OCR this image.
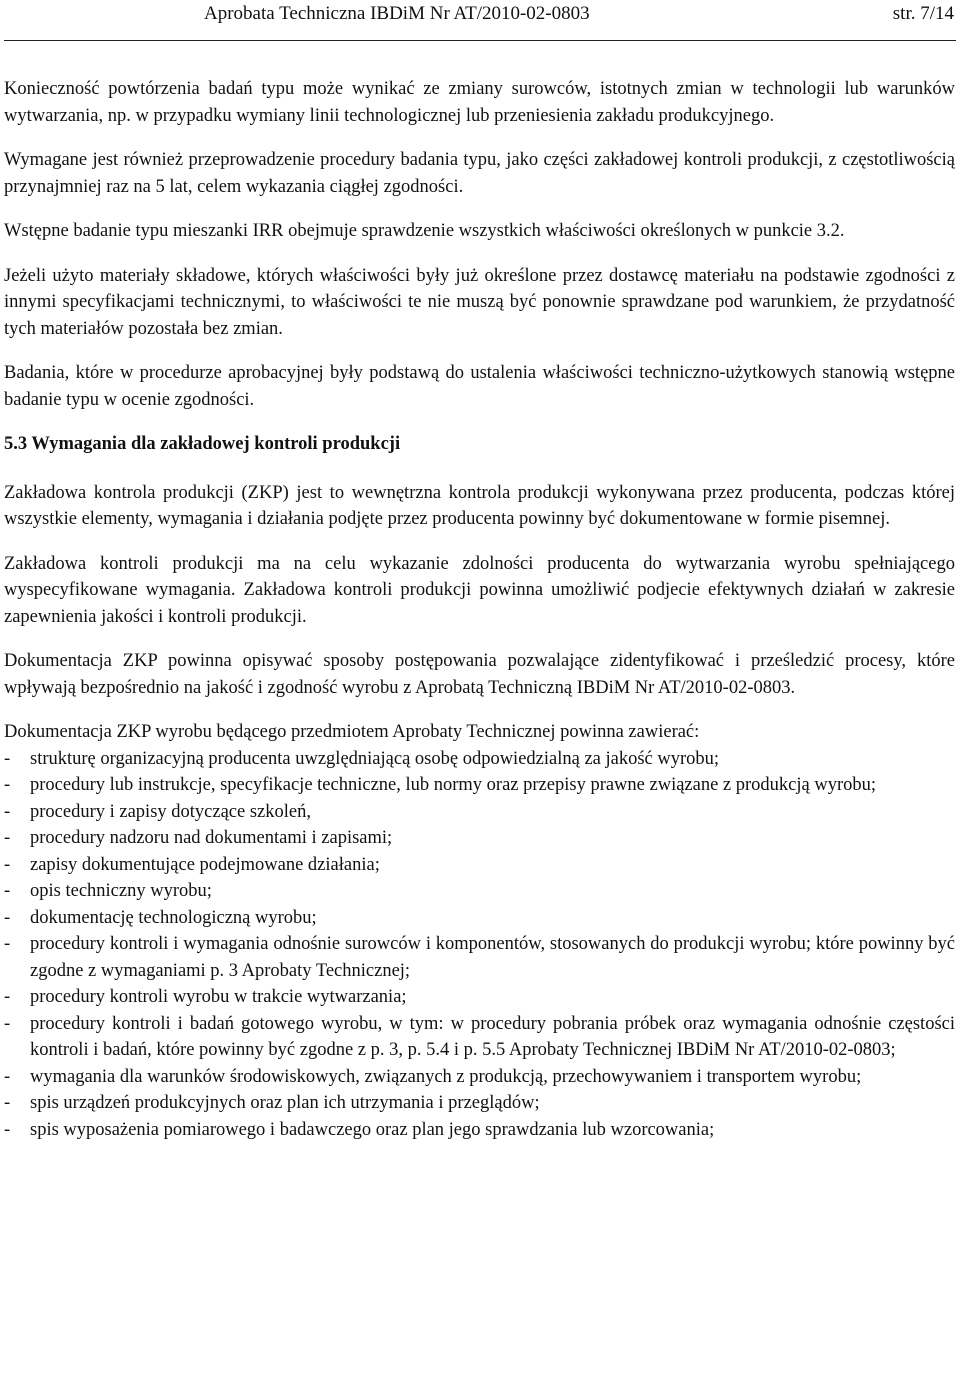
Aprobata Techniczna IBDiM Nr AT/2010-02-0803	str. 7/14

Konieczność powtórzenia badań typu może wynikać ze zmiany surowców, istotnych zmian w technologii lub warunków wytwarzania, np. w przypadku wymiany linii technologicznej lub przeniesienia zakładu produkcyjnego.

Wymagane jest również przeprowadzenie procedury badania typu, jako części zakładowej kontroli produkcji, z częstotliwością przynajmniej raz na 5 lat, celem wykazania ciągłej zgodności.

Wstępne badanie typu mieszanki IRR obejmuje sprawdzenie wszystkich właściwości określonych w punkcie 3.2.

Jeżeli użyto materiały składowe, których właściwości były już określone przez dostawcę materiału na podstawie zgodności z innymi specyfikacjami technicznymi, to właściwości te nie muszą być ponownie sprawdzane pod warunkiem, że przydatność tych materiałów pozostała bez zmian.

Badania, które w procedurze aprobacyjnej były podstawą do ustalenia właściwości techniczno-użytkowych stanowią wstępne badanie typu w ocenie zgodności.

5.3 Wymagania dla zakładowej kontroli produkcji

Zakładowa kontrola produkcji (ZKP) jest to wewnętrzna kontrola produkcji wykonywana przez producenta, podczas której wszystkie elementy, wymagania i działania podjęte przez producenta powinny być dokumentowane w formie pisemnej.

Zakładowa kontroli produkcji ma na celu wykazanie zdolności producenta do wytwarzania wyrobu spełniającego wyspecyfikowane wymagania. Zakładowa kontroli produkcji powinna umożliwić podjecie efektywnych działań w zakresie zapewnienia jakości i kontroli produkcji.

Dokumentacja ZKP powinna opisywać sposoby postępowania pozwalające zidentyfikować i prześledzić procesy, które wpływają bezpośrednio na jakość i zgodność wyrobu z Aprobatą Techniczną IBDiM Nr AT/2010-02-0803.

Dokumentacja ZKP wyrobu będącego przedmiotem Aprobaty Technicznej powinna zawierać:

- strukturę organizacyjną producenta uwzględniającą osobę odpowiedzialną za jakość wyrobu;
- procedury lub instrukcje, specyfikacje techniczne, lub normy oraz przepisy prawne związane z produkcją wyrobu;
- procedury i zapisy dotyczące szkoleń,
- procedury nadzoru nad dokumentami i zapisami;
- zapisy dokumentujące podejmowane działania;
- opis techniczny wyrobu;
- dokumentację technologiczną wyrobu;
- procedury kontroli i wymagania odnośnie surowców i komponentów, stosowanych do produkcji wyrobu; które powinny być zgodne z wymaganiami p. 3 Aprobaty Technicznej;
- procedury kontroli wyrobu w trakcie wytwarzania;
- procedury kontroli i badań gotowego wyrobu, w tym: w procedury pobrania próbek oraz wymagania odnośnie częstości kontroli i badań, które powinny być zgodne z p. 3, p. 5.4 i p. 5.5 Aprobaty Technicznej IBDiM Nr AT/2010-02-0803;
- wymagania dla warunków środowiskowych, związanych z produkcją, przechowywaniem i transportem wyrobu;
- spis urządzeń produkcyjnych oraz plan ich utrzymania i przeglądów;
- spis wyposażenia pomiarowego i badawczego oraz plan jego sprawdzania lub wzorcowania;
